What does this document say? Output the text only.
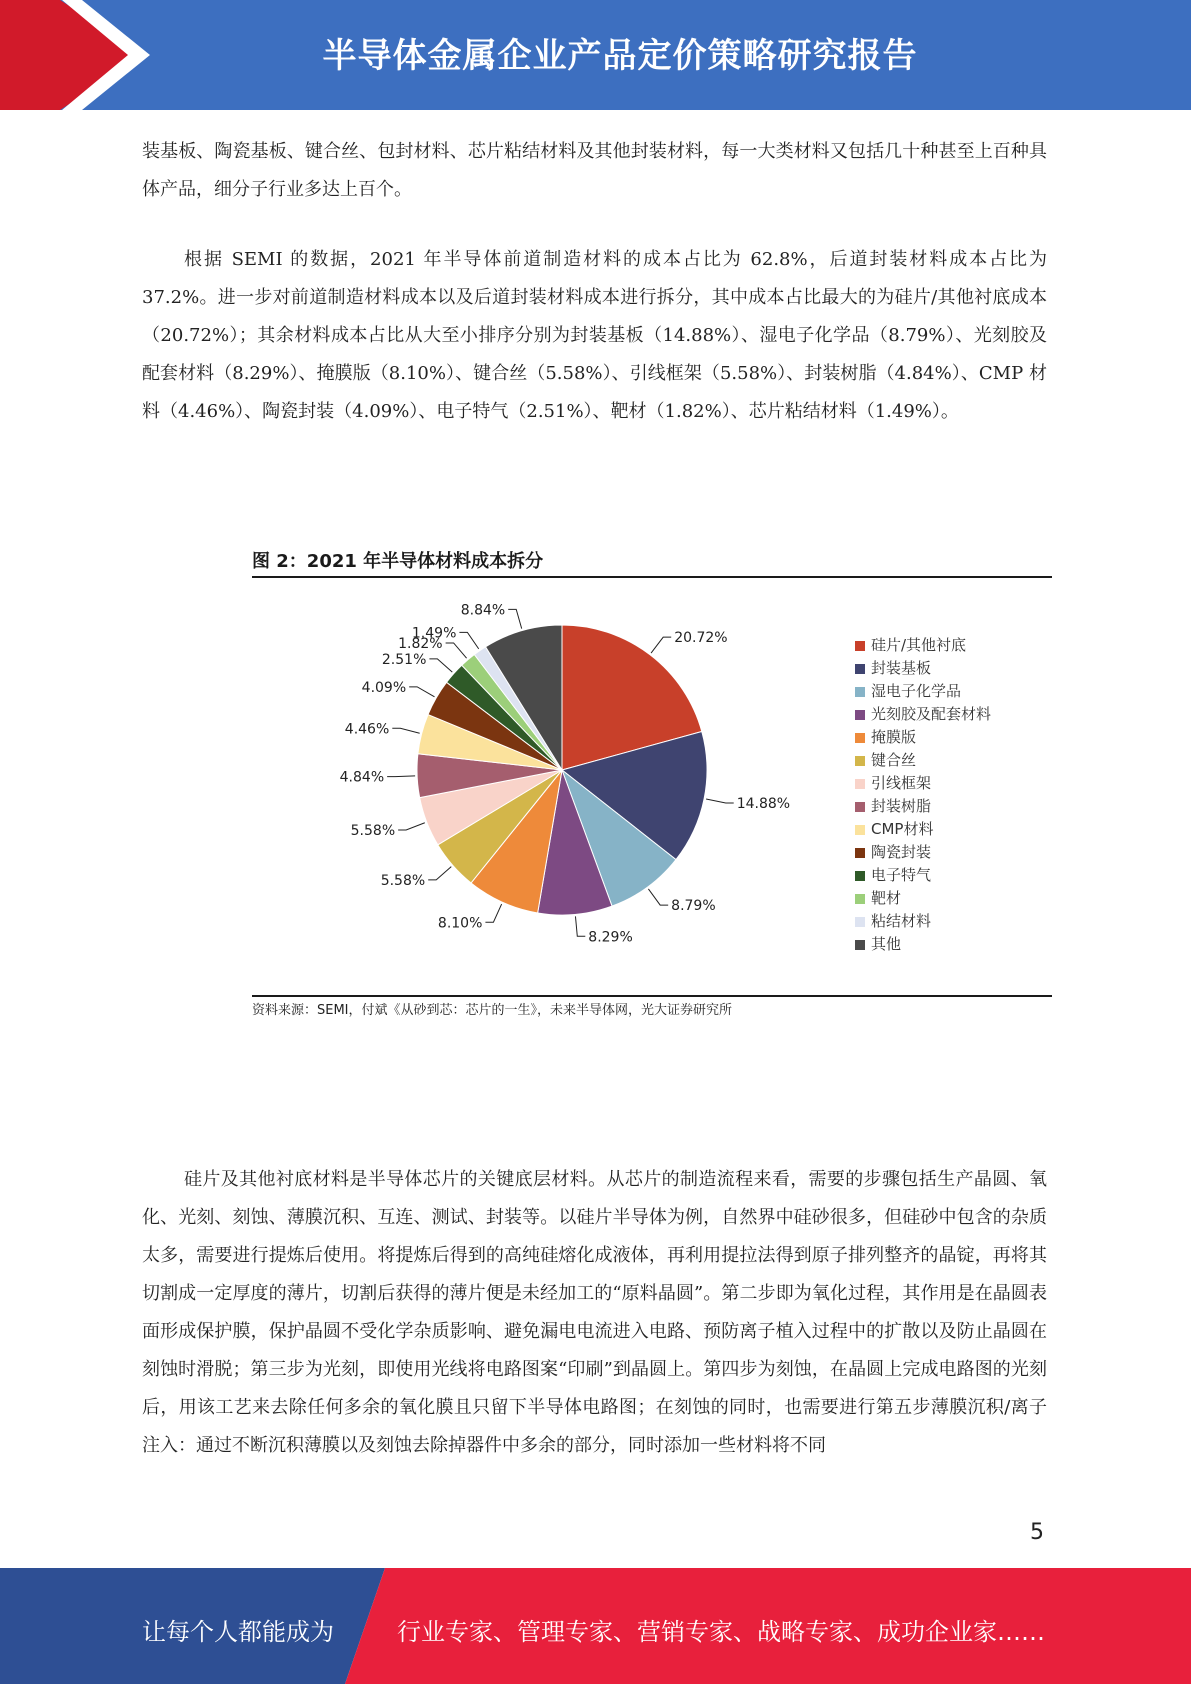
半导体金属企业产品定价策略研究报告

装基板、陶瓷基板、键合丝、包封材料、芯片粘结材料及其他封装材料，每一大类材料又包括几十种甚至上百种具体产品，细分子行业多达上百个。

根据 SEMI 的数据，2021 年半导体前道制造材料的成本占比为 62.8%，后道封装材料成本占比为 37.2%。进一步对前道制造材料成本以及后道封装材料成本进行拆分，其中成本占比最大的为硅片/其他衬底成本（20.72%）；其余材料成本占比从大至小排序分别为封装基板（14.88%）、湿电子化学品（8.79%）、光刻胶及配套材料（8.29%）、掩膜版（8.10%）、键合丝（5.58%）、引线框架（5.58%）、封装树脂（4.84%）、CMP 材料（4.46%）、陶瓷封装（4.09%）、电子特气（2.51%）、靶材（1.82%）、芯片粘结材料（1.49%）。

图 2：2021 年半导体材料成本拆分
20.72%
14.88%
8.79%
8.29%
8.10%
5.58%
5.58%
4.84%
4.46%
4.09%
2.51%
1.82%
1.49%
8.84%
硅片/其他衬底
封装基板
湿电子化学品
光刻胶及配套材料
掩膜版
键合丝
引线框架
封装树脂
CMP材料
陶瓷封装
电子特气
靶材
粘结材料
其他
资料来源：SEMI，付斌《从砂到芯：芯片的一生》，未来半导体网，光大证券研究所

硅片及其他衬底材料是半导体芯片的关键底层材料。从芯片的制造流程来看，需要的步骤包括生产晶圆、氧化、光刻、刻蚀、薄膜沉积、互连、测试、封装等。以硅片半导体为例，自然界中硅砂很多，但硅砂中包含的杂质太多，需要进行提炼后使用。将提炼后得到的高纯硅熔化成液体，再利用提拉法得到原子排列整齐的晶锭，再将其切割成一定厚度的薄片，切割后获得的薄片便是未经加工的“原料晶圆”。第二步即为氧化过程，其作用是在晶圆表面形成保护膜，保护晶圆不受化学杂质影响、避免漏电电流进入电路、预防离子植入过程中的扩散以及防止晶圆在刻蚀时滑脱；第三步为光刻，即使用光线将电路图案“印刷”到晶圆上。第四步为刻蚀，在晶圆上完成电路图的光刻后，用该工艺来去除任何多余的氧化膜且只留下半导体电路图；在刻蚀的同时，也需要进行第五步薄膜沉积/离子注入：通过不断沉积薄膜以及刻蚀去除掉器件中多余的部分，同时添加一些材料将不同

5
让每个人都能成为	行业专家、管理专家、营销专家、战略专家、成功企业家……
